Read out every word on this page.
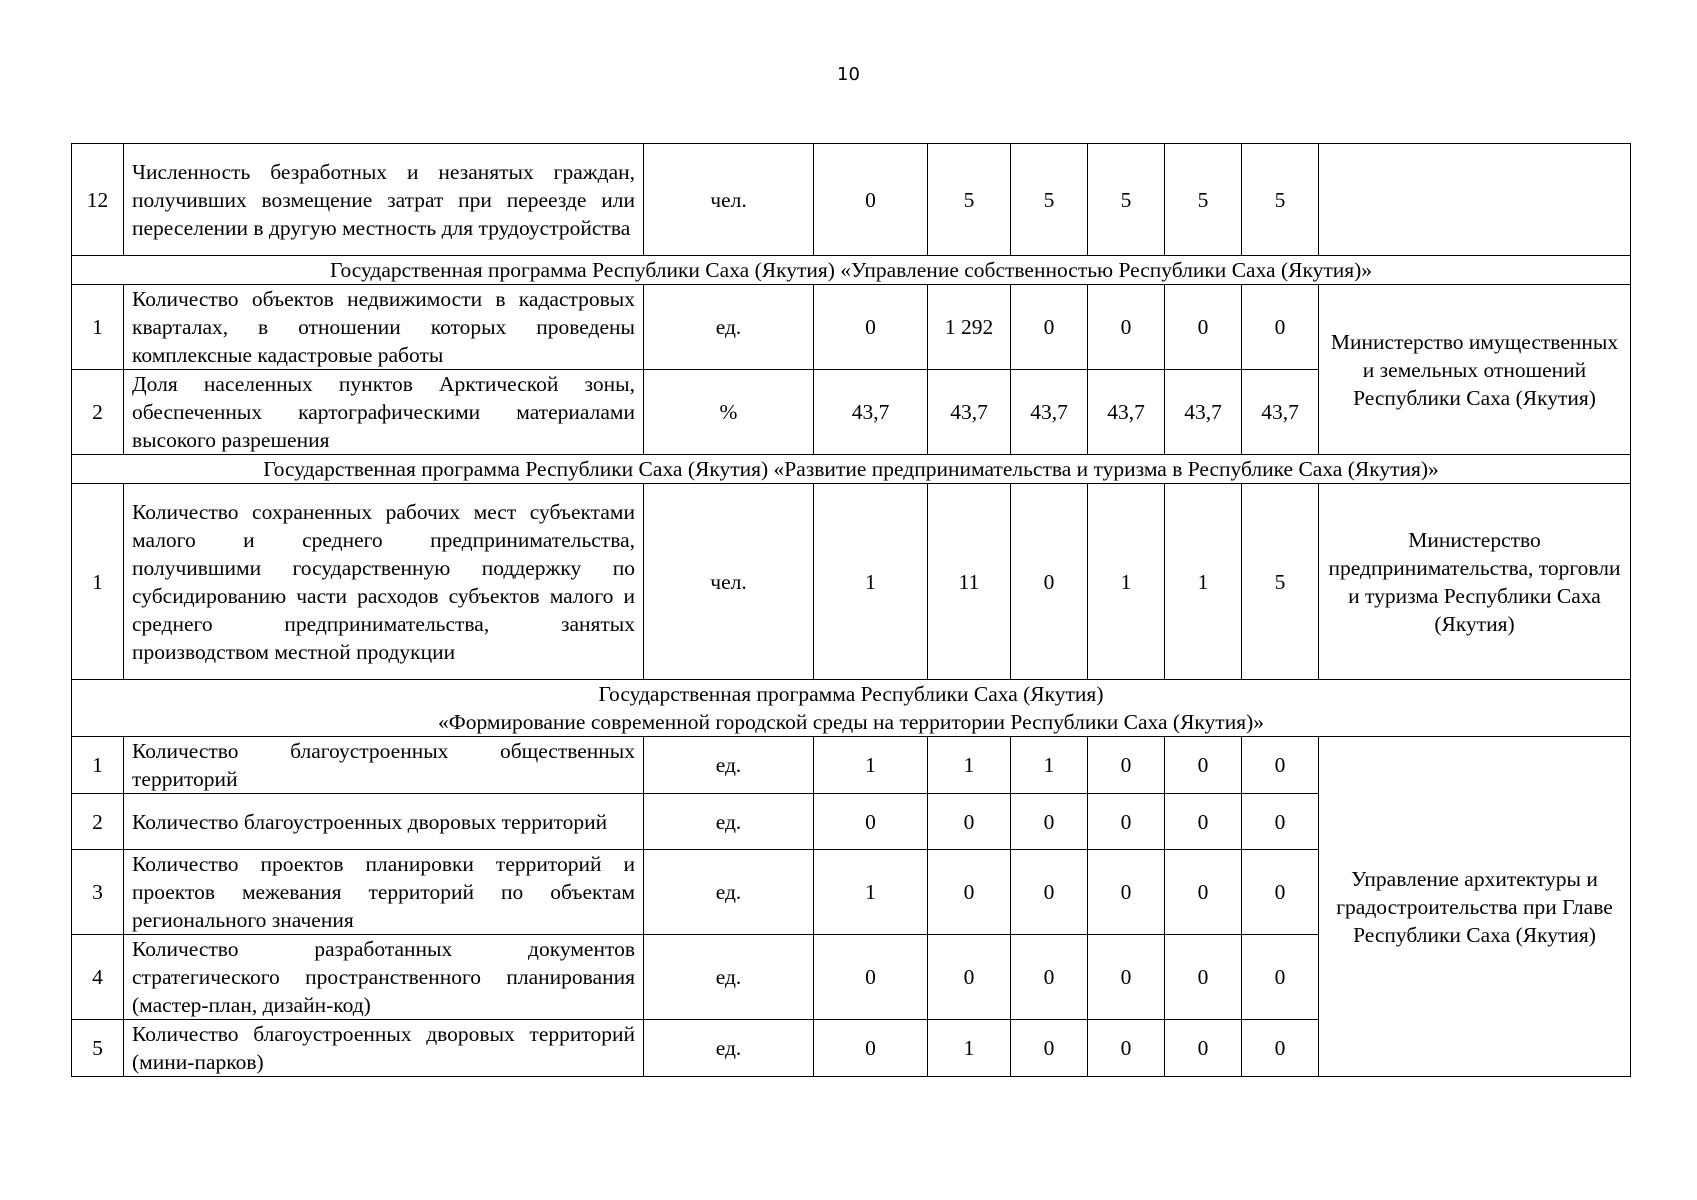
10
12	Численность безработных и незанятых граждан, получивших возмещение затрат при переезде или переселении в другую местность для трудоустройства	чел.	0	5	5	5	5	5	
Государственная программа Республики Саха (Якутия) «Управление собственностью Республики Саха (Якутия)»									
1	Количество объектов недвижимости в кадастровых кварталах, в отношении которых проведены комплексные кадастровые работы	ед.	0	1 292	0	0	0	0	Министерство имущественных и земельных отношений Республики Саха (Якутия)
2	Доля населенных пунктов Арктической зоны, обеспеченных картографическими материалами высокого разрешения	%	43,7	43,7	43,7	43,7	43,7	43,7	
Государственная программа Республики Саха (Якутия) «Развитие предпринимательства и туризма в Республике Саха (Якутия)»									
1	Количество сохраненных рабочих мест субъектами малого и среднего предпринимательства, получившими государственную поддержку по субсидированию части расходов субъектов малого и среднего предпринимательства, занятых производством местной продукции	чел.	1	11	0	1	1	5	Министерство предпринимательства, торговли и туризма Республики Саха (Якутия)

Государственная программа Республики Саха (Якутия)
«Формирование современной городской среды на территории Республики Саха (Якутия)»									

1	Количество благоустроенных общественных территорий	ед.	1	1	1	0	0	0	Управление архитектуры и градостроительства при Главе Республики Саха (Якутия)
2	Количество благоустроенных дворовых территорий	ед.	0	0	0	0	0	0	
3	Количество проектов планировки территорий и проектов межевания территорий по объектам регионального значения	ед.	1	0	0	0	0	0	
4	Количество разработанных документов стратегического пространственного планирования (мастер-план, дизайн-код)	ед.	0	0	0	0	0	0	
5	Количество благоустроенных дворовых территорий (мини-парков)	ед.	0	1	0	0	0	0	
